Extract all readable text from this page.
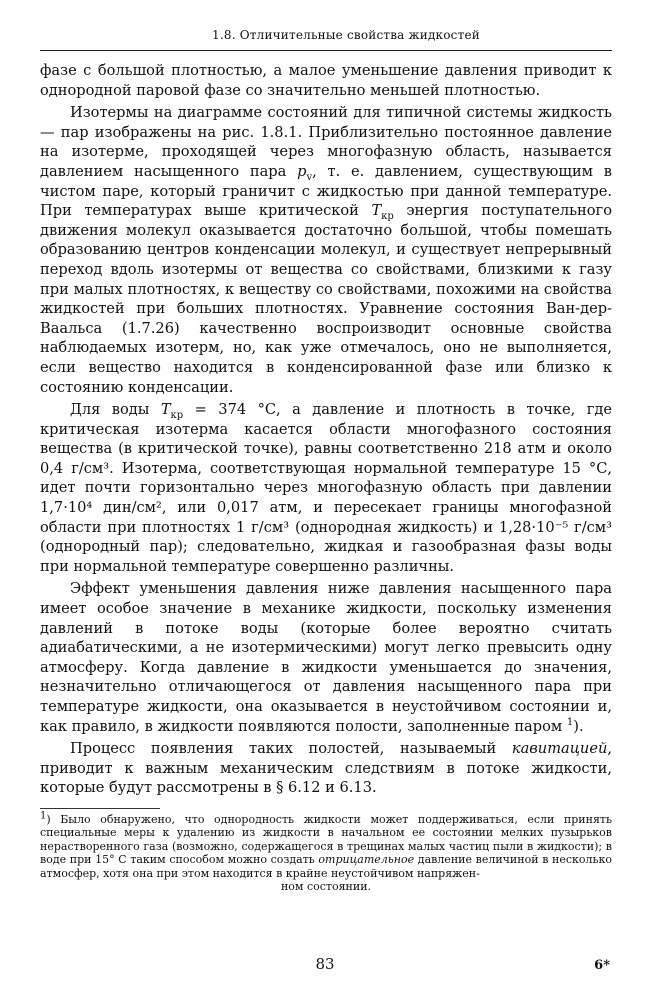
1.8. Отличительные свойства жидкостей

фазе с большой плотностью, а малое уменьшение давления приводит к однородной паровой фазе со значительно меньшей плотностью.

Изотермы на диаграмме состояний для типичной системы жидкость — пар изображены на рис. 1.8.1. Приблизительно постоянное давление на изотерме, проходящей через многофазную область, называется давлением насыщенного пара $p_v$, т. е. давлением, существующим в чистом паре, который граничит с жидкостью при данной температуре. При температурах выше критической $T_{кр}$ энергия поступательного движения молекул оказывается достаточно большой, чтобы помешать образованию центров конденсации молекул, и существует непрерывный переход вдоль изотермы от вещества со свойствами, близкими к газу при малых плотностях, к веществу со свойствами, похожими на свойства жидкостей при больших плотностях. Уравнение состояния Ван-дер-Ваальса (1.7.26) качественно воспроизводит основные свойства наблюдаемых изотерм, но, как уже отмечалось, оно не выполняется, если вещество находится в конденсированной фазе или близко к состоянию конденсации.

Для воды $T_{кр} = 374$ °С, а давление и плотность в точке, где критическая изотерма касается области многофазного состояния вещества (в критической точке), равны соответственно 218 атм и около 0,4 г/см³. Изотерма, соответствующая нормальной температуре 15 °С, идет почти горизонтально через многофазную область при давлении 1,7·10⁴ дин/см², или 0,017 атм, и пересекает границы многофазной области при плотностях 1 г/см³ (однородная жидкость) и 1,28·10⁻⁵ г/см³ (однородный пар); следовательно, жидкая и газообразная фазы воды при нормальной температуре совершенно различны.

Эффект уменьшения давления ниже давления насыщенного пара имеет особое значение в механике жидкости, поскольку изменения давлений в потоке воды (которые более вероятно считать адиабатическими, а не изотермическими) могут легко превысить одну атмосферу. Когда давление в жидкости уменьшается до значения, незначительно отличающегося от давления насыщенного пара при температуре жидкости, она оказывается в неустойчивом состоянии и, как правило, в жидкости появляются полости, заполненные паром $^1$).

Процесс появления таких полостей, называемый кавитацией, приводит к важным механическим следствиям в потоке жидкости, которые будут рассмотрены в § 6.12 и 6.13.

$^1$) Было обнаружено, что однородность жидкости может поддерживаться, если принять специальные меры к удалению из жидкости в начальном ее состоянии мелких пузырьков нерастворенного газа (возможно, содержащегося в трещинах малых частиц пыли в жидкости); в воде при 15° С таким способом можно создать отрицательное давление величиной в несколько атмосфер, хотя она при этом находится в крайне неустойчивом напряжен-
ном состоянии.
83	6*
